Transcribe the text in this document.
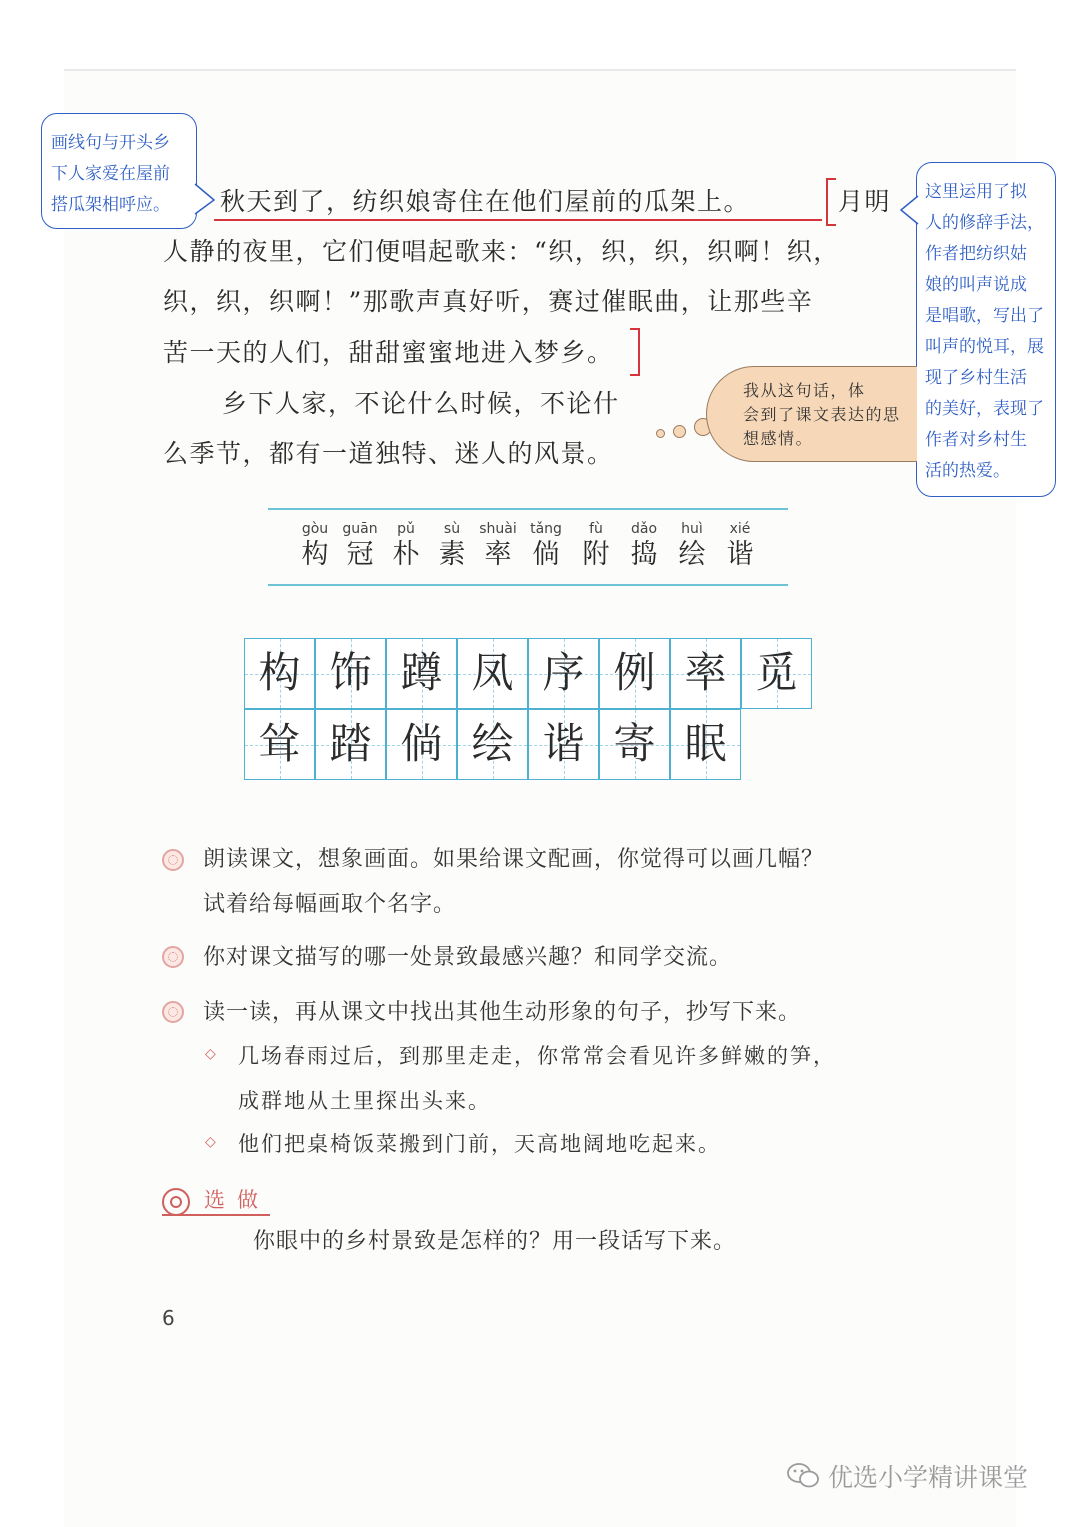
画线句与开头乡
下人家爱在屋前
搭瓜架相呼应。
这里运用了拟
人的修辞手法，
作者把纺织姑
娘的叫声说成
是唱歌，写出了
叫声的悦耳，展
现了乡村生活
的美好，表现了
作者对乡村生
活的热爱。
秋天到了，纺织娘寄住在他们屋前的瓜架上。	月明
人静的夜里，它们便唱起歌来：“织，织，织，织啊！织，
织，织，织啊！”那歌声真好听，赛过催眠曲，让那些辛
苦一天的人们，甜甜蜜蜜地进入梦乡。
乡下人家，不论什么时候，不论什
么季节，都有一道独特、迷人的风景。
我从这句话，体
会到了课文表达的思
想感情。
gòu
构
guān
冠
pǔ
朴
sù
素
shuài
率
tǎng
倘
fù
附
dǎo
捣
huì
绘
xié
谐
构 饰 蹲 凤 序 例 率 觅
耸 踏 倘 绘 谐 寄 眠
朗读课文，想象画面。如果给课文配画，你觉得可以画几幅？
试着给每幅画取个名字。
你对课文描写的哪一处景致最感兴趣？和同学交流。
读一读，再从课文中找出其他生动形象的句子，抄写下来。
◇ 几场春雨过后，到那里走走，你常常会看见许多鲜嫩的笋，
成群地从土里探出头来。
◇ 他们把桌椅饭菜搬到门前，天高地阔地吃起来。
选做
你眼中的乡村景致是怎样的？用一段话写下来。
6
优选小学精讲课堂
